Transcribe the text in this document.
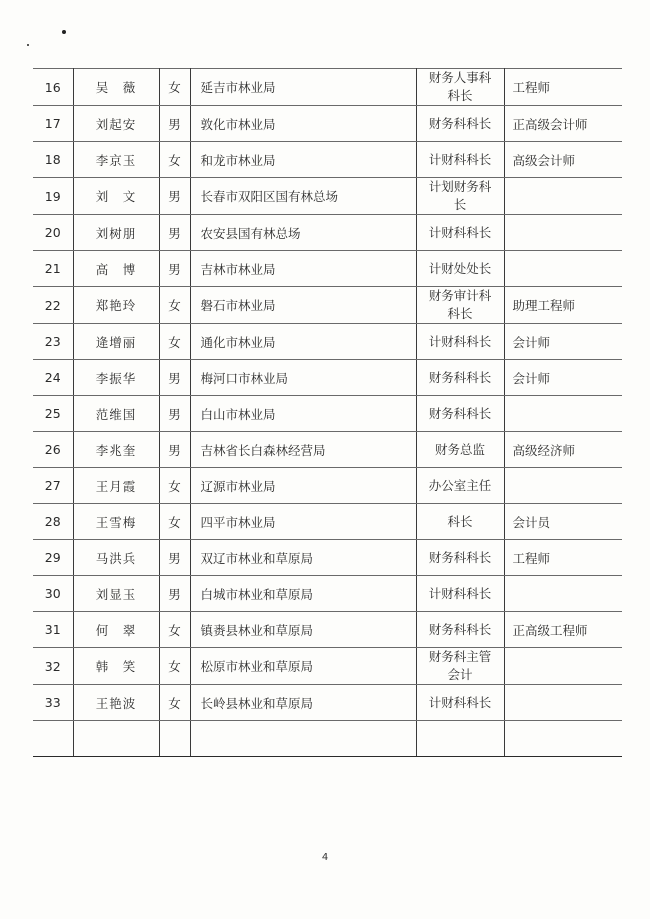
16	吴　薇	女	延吉市林业局	财务人事科科长	工程师
17	刘起安	男	敦化市林业局	财务科科长	正高级会计师
18	李京玉	女	和龙市林业局	计财科科长	高级会计师
19	刘　文	男	长春市双阳区国有林总场	计划财务科长	
20	刘树朋	男	农安县国有林总场	计财科科长	
21	高　博	男	吉林市林业局	计财处处长	
22	郑艳玲	女	磐石市林业局	财务审计科科长	助理工程师
23	逄增丽	女	通化市林业局	计财科科长	会计师
24	李振华	男	梅河口市林业局	财务科科长	会计师
25	范维国	男	白山市林业局	财务科科长	
26	李兆奎	男	吉林省长白森林经营局	财务总监	高级经济师
27	王月霞	女	辽源市林业局	办公室主任	
28	王雪梅	女	四平市林业局	科长	会计员
29	马洪兵	男	双辽市林业和草原局	财务科科长	工程师
30	刘显玉	男	白城市林业和草原局	计财科科长	
31	何　翠	女	镇赉县林业和草原局	财务科科长	正高级工程师
32	韩　笑	女	松原市林业和草原局	财务科主管会计	
33	王艳波	女	长岭县林业和草原局	计财科科长	

4
